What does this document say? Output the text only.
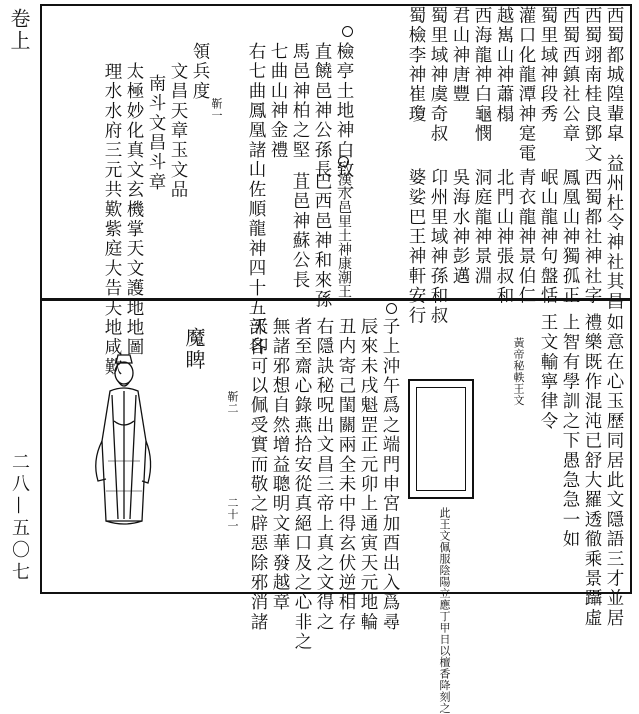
卷上
二八—五〇七
西蜀都城隍輩皐
西蜀翊南桂良鄧文
西蜀西鎮社公章
蜀里域神段秀
灌口化龍潭神寔電
益州杜令神社其昌
西蜀都社神社字
鳳凰山神獨孤正
岷山龍神句盤恬
青衣龍神景伯仁
越嶲山神蕭榻
西海龍神白龜憫
君山神唐豐
蜀里域神虞奇叔
蜀檢李神崔瓊
北門山神張叔和
洞庭龍神景淵
吳海水神彭邁
卬州里域神孫和叔
婆娑巴王神軒安行
檢亭土地神白致一
直饒邑神公孫長
馬邑神柏之堅
七曲山神金禮
右七曲鳳凰諸山佐順龍神四十五部各	漢水邑里土神康潮王
巴西邑神和來孫
苴邑神蘇公長
靳一
領兵度
文昌天章玉文品
南斗文昌斗章
太極妙化真文玄機掌天文護地地圖
理水水府三元共歎紫庭大告天地咸歎
如意在心玉歷同居此文隱語三才並居
禮樂既作混沌已舒大羅透徹乘景躡虛
上智有學訓之下愚急急一如
王文輸寧律令
黃帝秘軼王文
此王文佩服陰陽立應丁甲日以檀香降刻之
子上沖午爲之端門申宮加酉出入爲尋
辰來未戌魁罡正元卯上通寅天元地輪
丑内寄己閨關兩全未中得玄伏逆相存
右隱訣秘呪出文昌三帝上真之文得之
者至齋心錄燕拾安從真絕口及之心非之
無諸邪想自然增益聰明文華發越章
天印可以佩受實而敬之辟惡除邪消諸
靳二
二十一
魔睥
